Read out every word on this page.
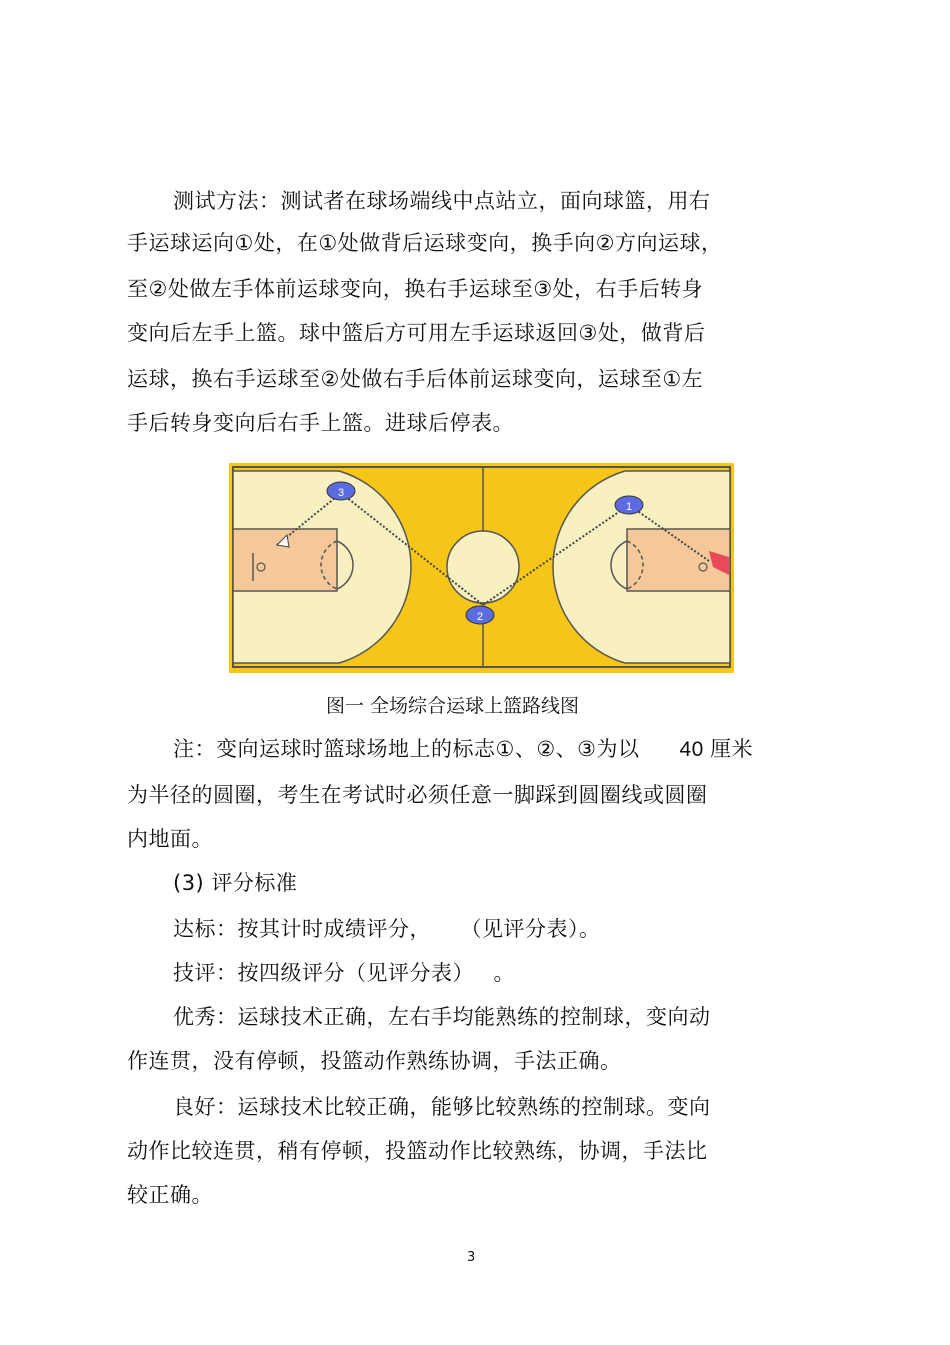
测试方法：测试者在球场端线中点站立，面向球篮，用右
手运球运向①处，在①处做背后运球变向，换手向②方向运球，
至②处做左手体前运球变向，换右手运球至③处，右手后转身
变向后左手上篮。球中篮后方可用左手运球返回③处，做背后
运球，换右手运球至②处做右手后体前运球变向，运球至①左
手后转身变向后右手上篮。进球后停表。
1
2
3
图一 全场综合运球上篮路线图
注：变向运球时篮球场地上的标志①、②、③为以 40 厘米
为半径的圆圈，考生在考试时必须任意一脚踩到圆圈线或圆圈
内地面。
(3) 评分标准
达标：按其计时成绩评分， （见评分表）。
技评：按四级评分（见评分表） 。
优秀：运球技术正确，左右手均能熟练的控制球，变向动
作连贯，没有停顿，投篮动作熟练协调，手法正确。
良好：运球技术比较正确，能够比较熟练的控制球。变向
动作比较连贯，稍有停顿，投篮动作比较熟练，协调，手法比
较正确。
3
